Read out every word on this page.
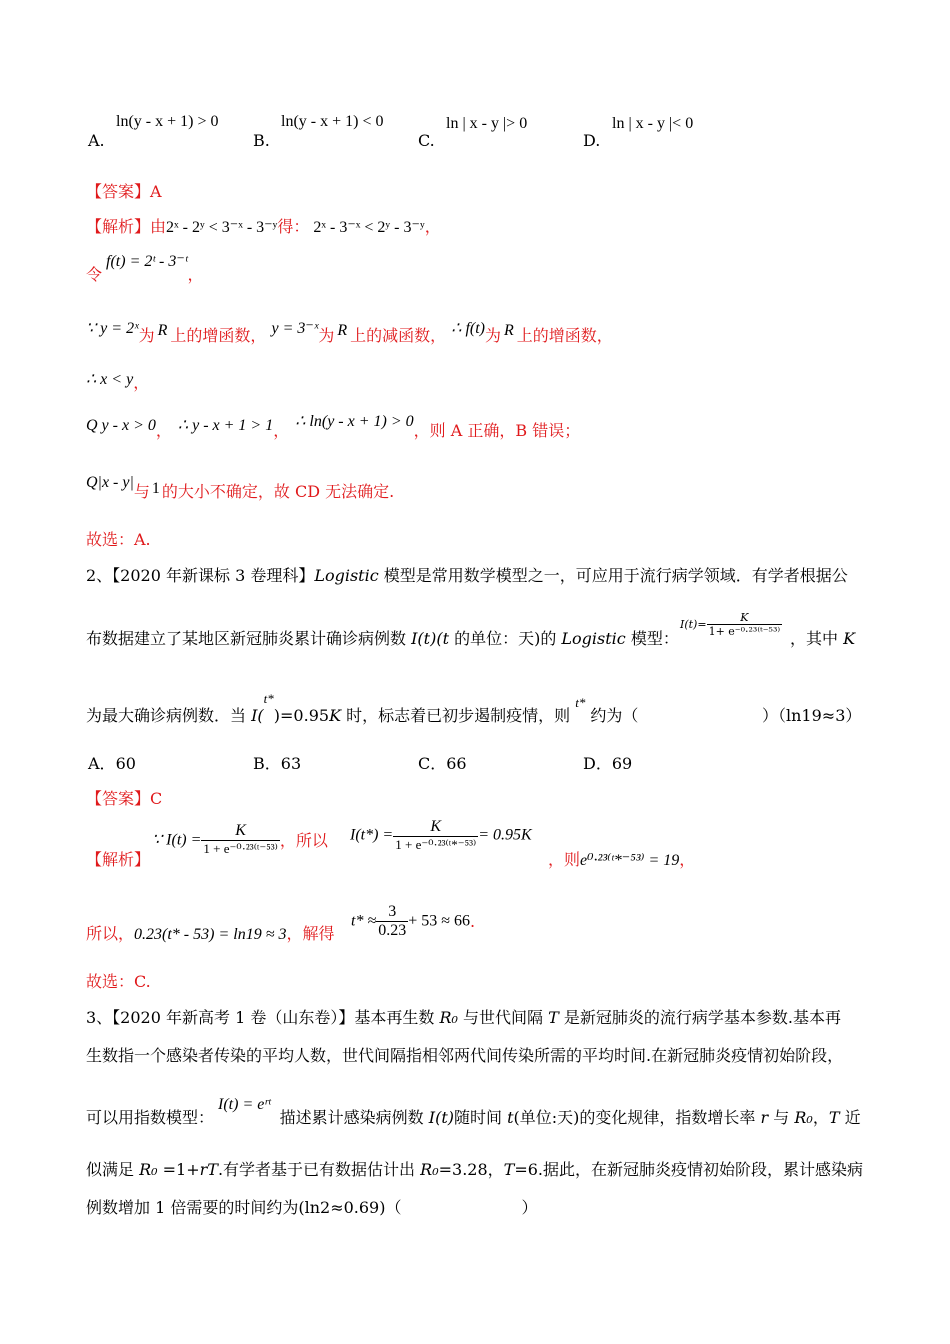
A.
ln(y - x + 1) > 0
B.
ln(y - x + 1) < 0
C.
ln | x - y |> 0
D.
ln | x - y |< 0
【答案】A
【解析】由2ˣ - 2ʸ < 3⁻ˣ - 3⁻ʸ得： 2ˣ - 3⁻ˣ < 2ʸ - 3⁻ʸ，
令f(t) = 2ᵗ - 3⁻ᵗ，
∵ y = 2ˣ为 R 上的增函数， y = 3⁻ˣ为 R 上的减函数， ∴ f(t)为 R 上的增函数，
∴ x < y，
Q y - x > 0， ∴ y - x + 1 > 1， ∴ ln(y - x + 1) > 0，则 A 正确，B 错误；
Q|x - y|与 1 的大小不确定，故 CD 无法确定.
故选：A.
2、【2020 年新课标 3 卷理科】Logistic 模型是常用数学模型之一，可应用于流行病学领域．有学者根据公
布数据建立了某地区新冠肺炎累计确诊病例数 I(t)(t 的单位：天)的 Logistic 模型：
$I(t)= \frac{K}{\text{1+ e⁻⁰·²³⁽ᵗ⁻⁵³⁾}}$
，其中 K
为最大确诊病例数．当 I($^{t*}$)=0.95K 时，标志着已初步遏制疫情，则 $^{t*}$ 约为（	）（ln19≈3）
A．60	B．63	C．66	D．69
【答案】C
【解析】
∵ $I(t) = \frac{K}{\text{1 + e⁻⁰·²³⁽ᵗ⁻⁵³⁾}}$ ，所以 $I(t*) = \frac{K}{\text{1 + e⁻⁰·²³⁽ᵗ*⁻⁵³⁾}} = 0.95K$
，则e⁰·²³⁽ᵗ*⁻⁵³⁾ = 19，
所以，0.23(t* - 53) = ln19 ≈ 3，解得
$t* \approx \frac{3}{0.23} + 53 \approx 66$.
故选：C.
3、【2020 年新高考 1 卷（山东卷）】基本再生数 R₀ 与世代间隔 T 是新冠肺炎的流行病学基本参数.基本再
生数指一个感染者传染的平均人数，世代间隔指相邻两代间传染所需的平均时间.在新冠肺炎疫情初始阶段，
可以用指数模型：I(t) = eʳᵗ 描述累计感染病例数 I(t)随时间 t(单位:天)的变化规律，指数增长率 r 与 R₀，T 近
似满足 R₀ =1+rT.有学者基于已有数据估计出 R₀=3.28，T=6.据此，在新冠肺炎疫情初始阶段，累计感染病
例数增加 1 倍需要的时间约为(ln2≈0.69)（	）
